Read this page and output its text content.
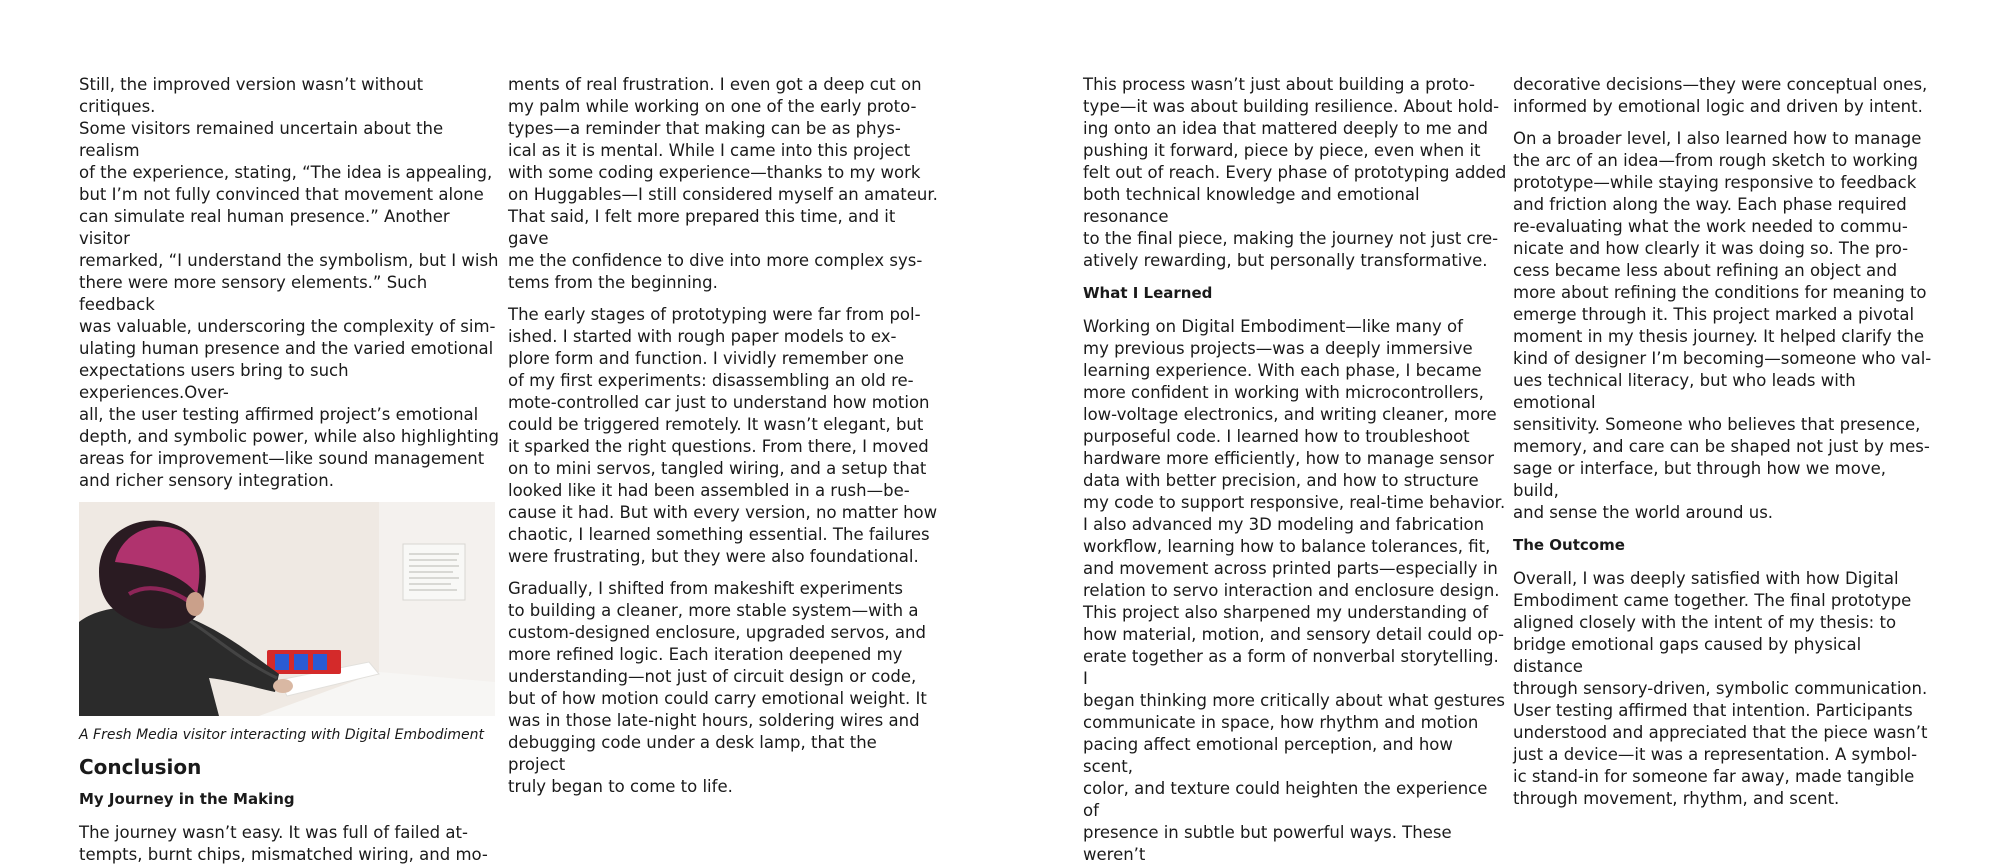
Still, the improved version wasn’t without critiques.
Some visitors remained uncertain about the realism
of the experience, stating, “The idea is appealing,
but I’m not fully convinced that movement alone
can simulate real human presence.” Another visitor
remarked, “I understand the symbolism, but I wish
there were more sensory elements.” Such feedback
was valuable, underscoring the complexity of sim-
ulating human presence and the varied emotional
expectations users bring to such experiences.Over-
all, the user testing affirmed project’s emotional
depth, and symbolic power, while also highlighting
areas for improvement—like sound management
and richer sensory integration.

A Fresh Media visitor interacting with Digital Embodiment

Conclusion
My Journey in the Making

The journey wasn’t easy. It was full of failed at-
tempts, burnt chips, mismatched wiring, and mo-

ments of real frustration. I even got a deep cut on
my palm while working on one of the early proto-
types—a reminder that making can be as phys-
ical as it is mental. While I came into this project
with some coding experience—thanks to my work
on Huggables—I still considered myself an amateur.
That said, I felt more prepared this time, and it gave
me the confidence to dive into more complex sys-
tems from the beginning.

The early stages of prototyping were far from pol-
ished. I started with rough paper models to ex-
plore form and function. I vividly remember one
of my first experiments: disassembling an old re-
mote-controlled car just to understand how motion
could be triggered remotely. It wasn’t elegant, but
it sparked the right questions. From there, I moved
on to mini servos, tangled wiring, and a setup that
looked like it had been assembled in a rush—be-
cause it had. But with every version, no matter how
chaotic, I learned something essential. The failures
were frustrating, but they were also foundational.

Gradually, I shifted from makeshift experiments
to building a cleaner, more stable system—with a
custom-designed enclosure, upgraded servos, and
more refined logic. Each iteration deepened my
understanding—not just of circuit design or code,
but of how motion could carry emotional weight. It
was in those late-night hours, soldering wires and
debugging code under a desk lamp, that the project
truly began to come to life.

This process wasn’t just about building a proto-
type—it was about building resilience. About hold-
ing onto an idea that mattered deeply to me and
pushing it forward, piece by piece, even when it
felt out of reach. Every phase of prototyping added
both technical knowledge and emotional resonance
to the final piece, making the journey not just cre-
atively rewarding, but personally transformative.

What I Learned

Working on Digital Embodiment—like many of
my previous projects—was a deeply immersive
learning experience. With each phase, I became
more confident in working with microcontrollers,
low-voltage electronics, and writing cleaner, more
purposeful code. I learned how to troubleshoot
hardware more efficiently, how to manage sensor
data with better precision, and how to structure
my code to support responsive, real-time behavior.
I also advanced my 3D modeling and fabrication
workflow, learning how to balance tolerances, fit,
and movement across printed parts—especially in
relation to servo interaction and enclosure design.
This project also sharpened my understanding of
how material, motion, and sensory detail could op-
erate together as a form of nonverbal storytelling. I
began thinking more critically about what gestures
communicate in space, how rhythm and motion
pacing affect emotional perception, and how scent,
color, and texture could heighten the experience of
presence in subtle but powerful ways. These weren’t

decorative decisions—they were conceptual ones,
informed by emotional logic and driven by intent.

On a broader level, I also learned how to manage
the arc of an idea—from rough sketch to working
prototype—while staying responsive to feedback
and friction along the way. Each phase required
re-evaluating what the work needed to commu-
nicate and how clearly it was doing so. The pro-
cess became less about refining an object and
more about refining the conditions for meaning to
emerge through it. This project marked a pivotal
moment in my thesis journey. It helped clarify the
kind of designer I’m becoming—someone who val-
ues technical literacy, but who leads with emotional
sensitivity. Someone who believes that presence,
memory, and care can be shaped not just by mes-
sage or interface, but through how we move, build,
and sense the world around us.

The Outcome

Overall, I was deeply satisfied with how Digital
Embodiment came together. The final prototype
aligned closely with the intent of my thesis: to
bridge emotional gaps caused by physical distance
through sensory-driven, symbolic communication.
User testing affirmed that intention. Participants
understood and appreciated that the piece wasn’t
just a device—it was a representation. A symbol-
ic stand-in for someone far away, made tangible
through movement, rhythm, and scent.
